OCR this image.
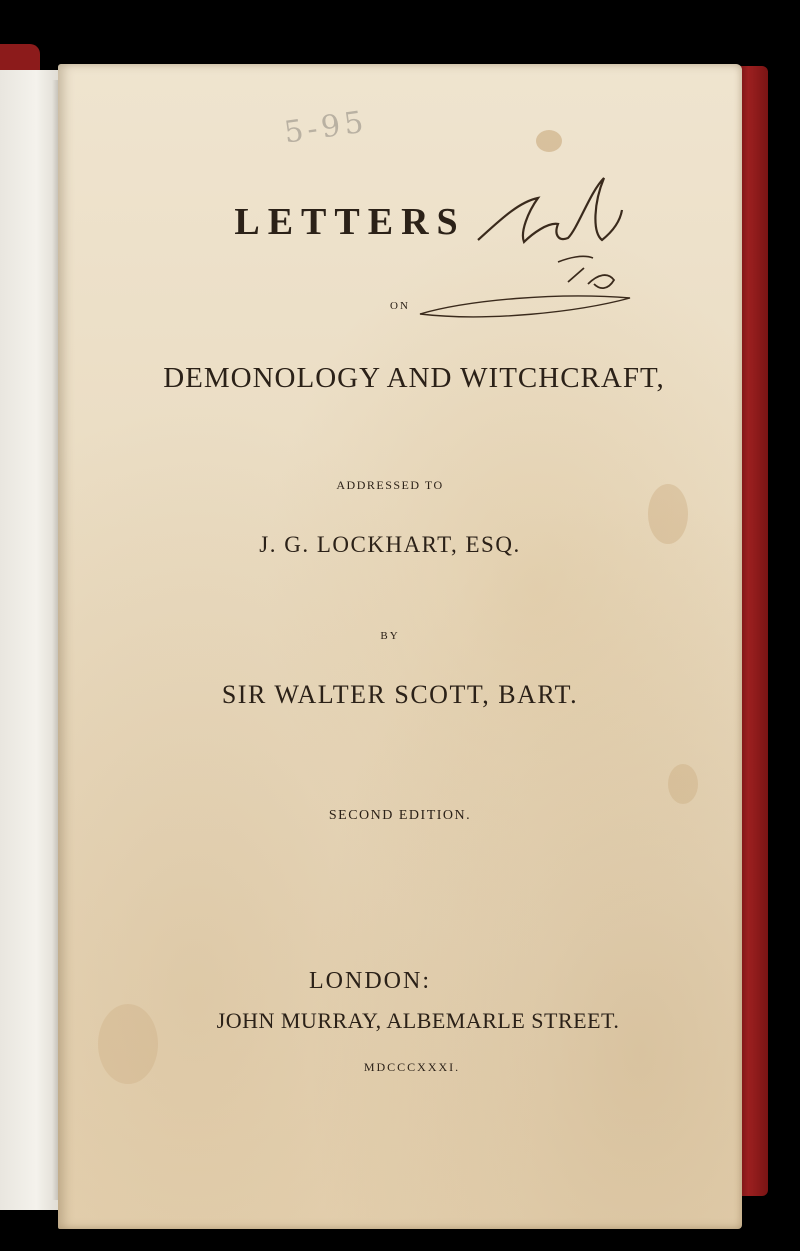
5-95
LETTERS
ON
DEMONOLOGY AND WITCHCRAFT,
ADDRESSED TO
J. G. LOCKHART, ESQ.
BY
SIR WALTER SCOTT, BART.
SECOND EDITION.
LONDON:
JOHN MURRAY, ALBEMARLE STREET.
MDCCCXXXI.
